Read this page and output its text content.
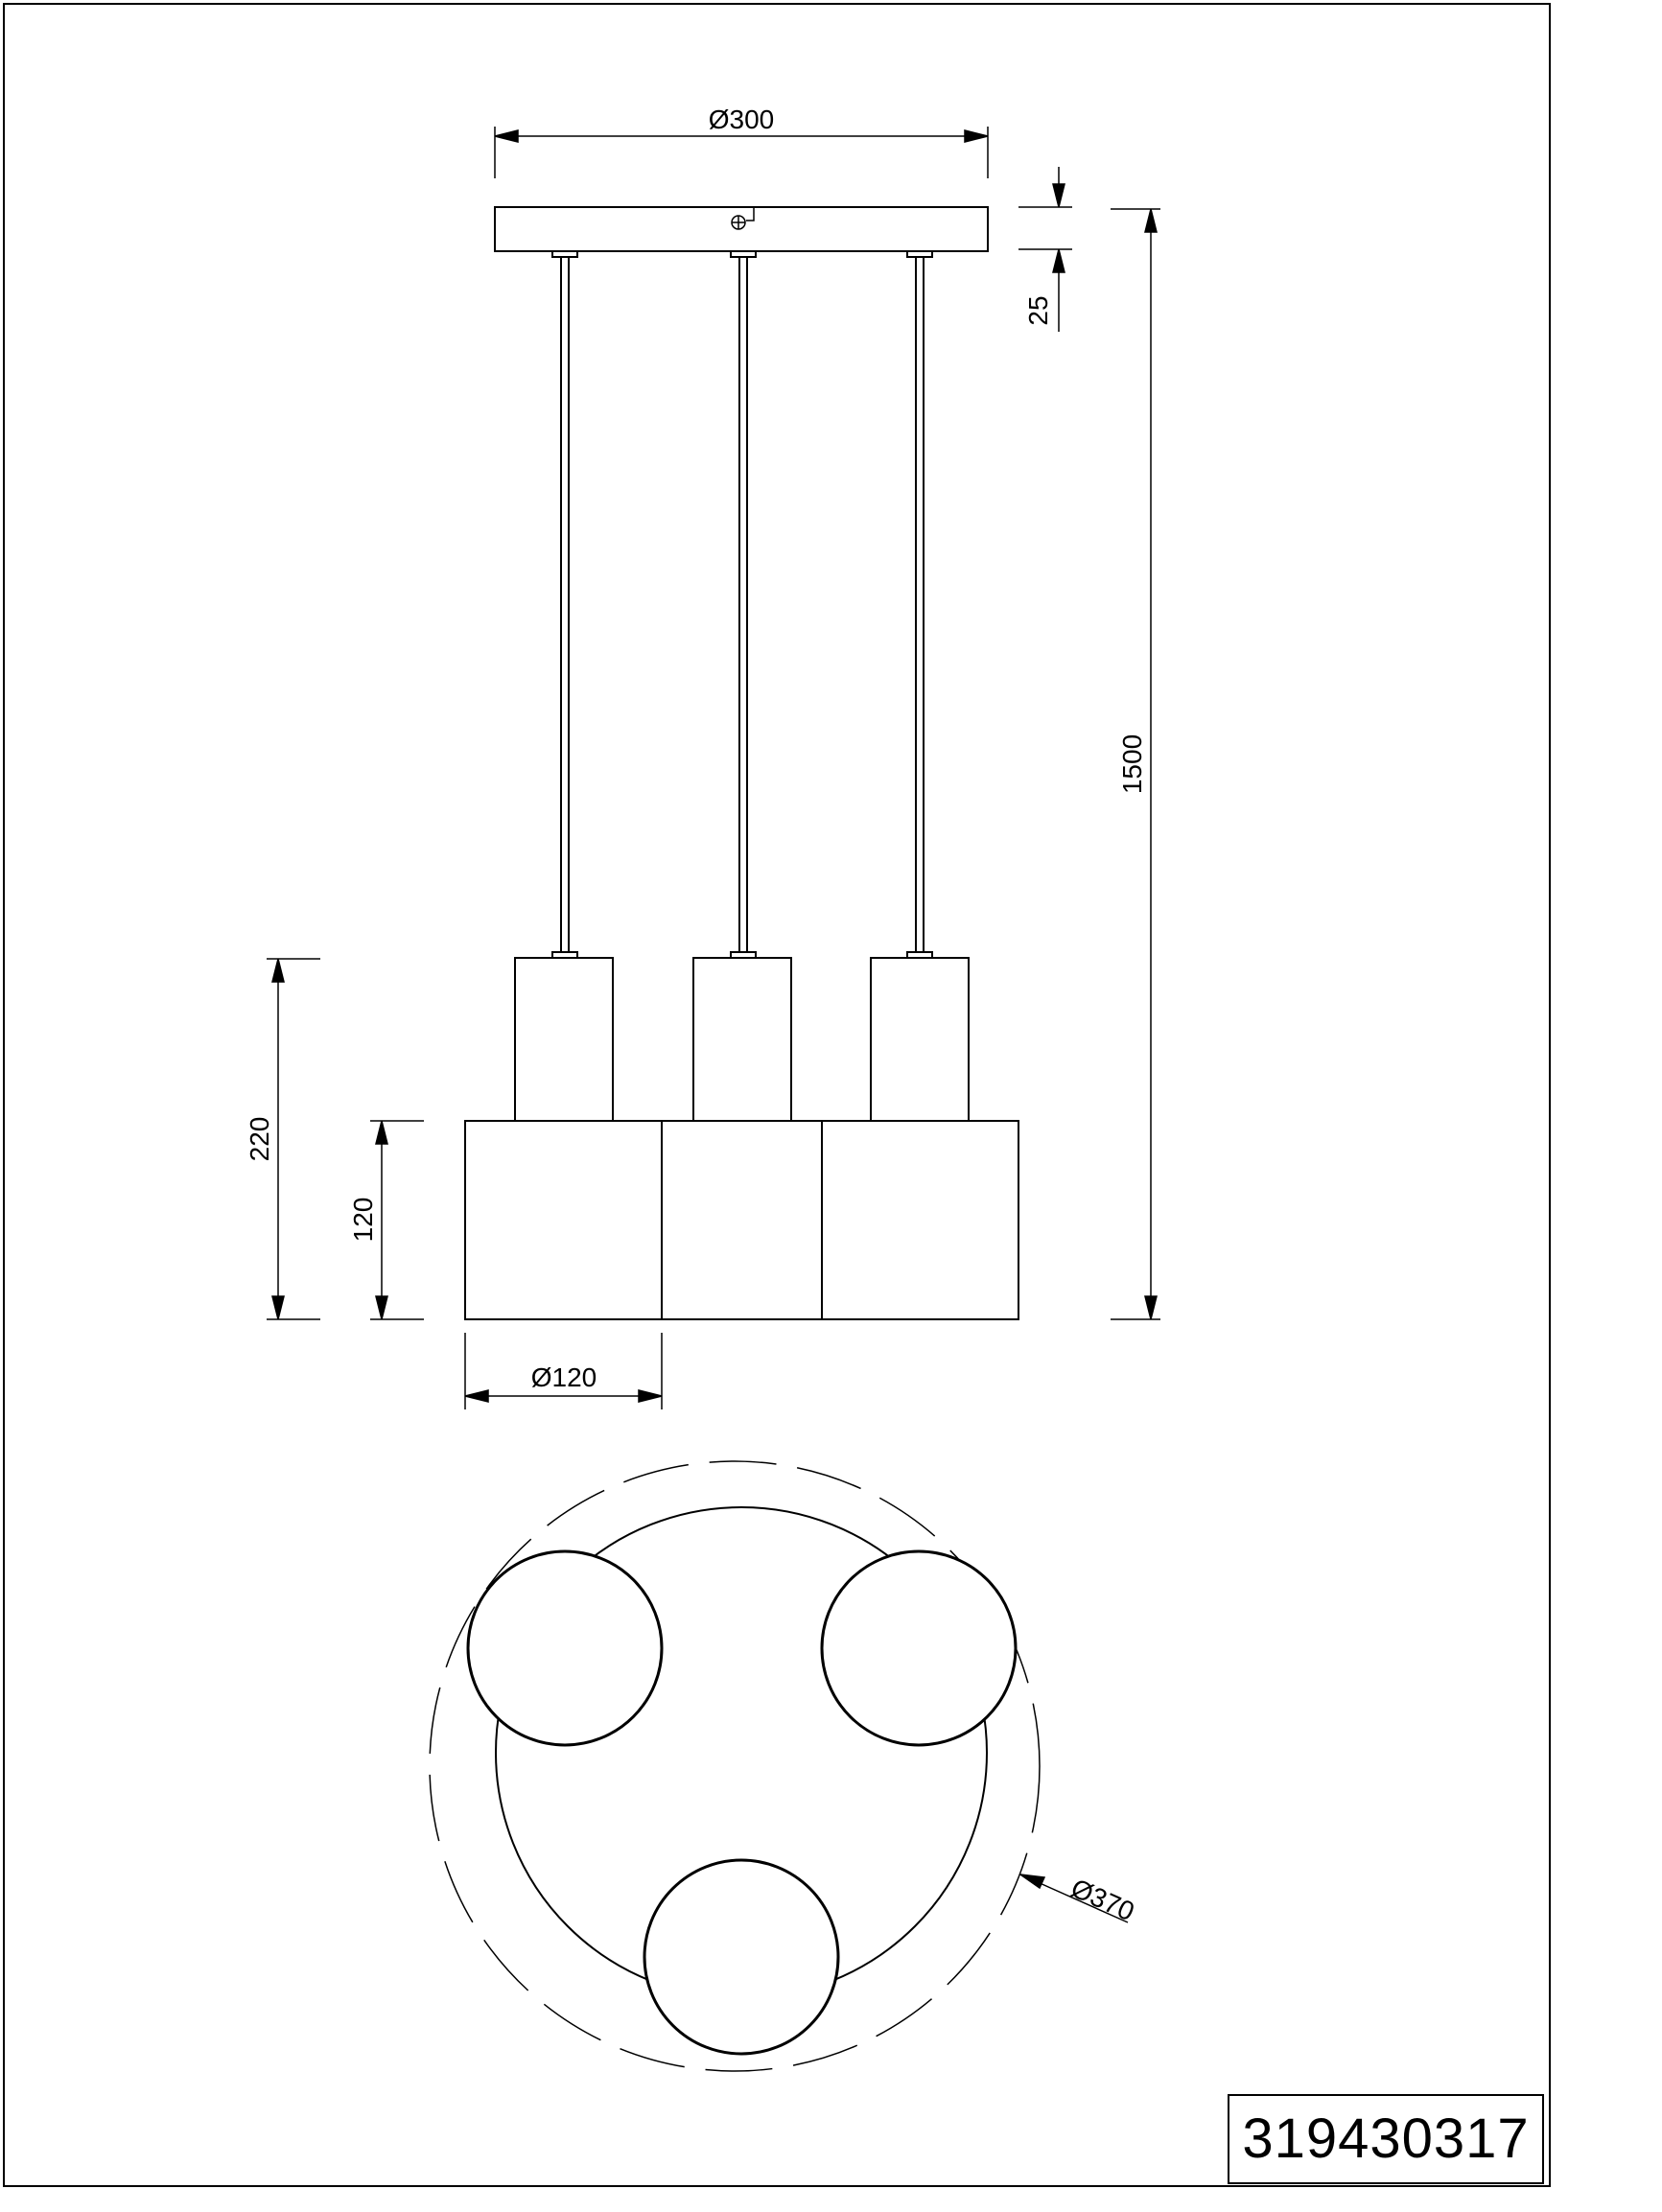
Ø300
25
1500
220
120
Ø120
Ø370
319430317
